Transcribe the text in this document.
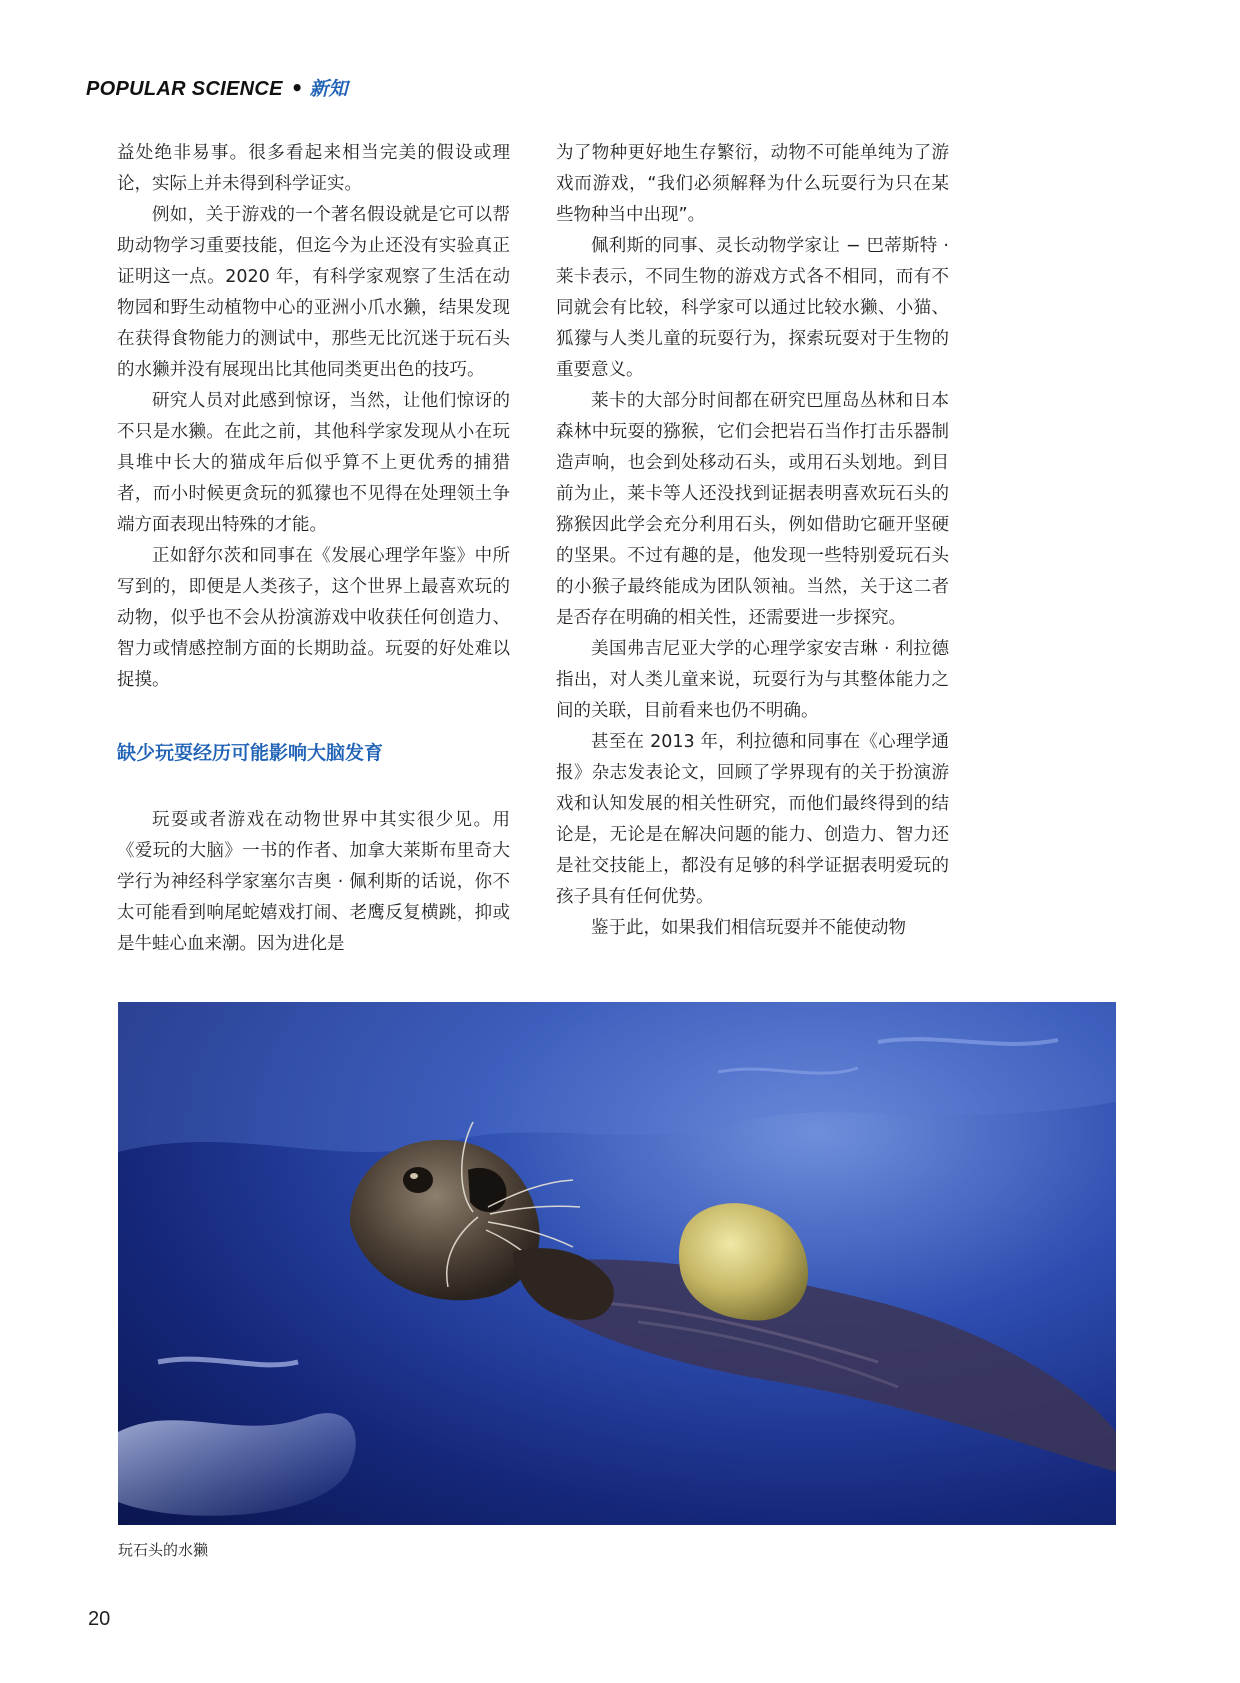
POPULAR SCIENCE • 新知

益处绝非易事。很多看起来相当完美的假设或理论，实际上并未得到科学证实。

例如，关于游戏的一个著名假设就是它可以帮助动物学习重要技能，但迄今为止还没有实验真正证明这一点。2020 年，有科学家观察了生活在动物园和野生动植物中心的亚洲小爪水獭，结果发现在获得食物能力的测试中，那些无比沉迷于玩石头的水獭并没有展现出比其他同类更出色的技巧。

研究人员对此感到惊讶，当然，让他们惊讶的不只是水獭。在此之前，其他科学家发现从小在玩具堆中长大的猫成年后似乎算不上更优秀的捕猎者，而小时候更贪玩的狐獴也不见得在处理领土争端方面表现出特殊的才能。

正如舒尔茨和同事在《发展心理学年鉴》中所写到的，即便是人类孩子，这个世界上最喜欢玩的动物，似乎也不会从扮演游戏中收获任何创造力、智力或情感控制方面的长期助益。玩耍的好处难以捉摸。

缺少玩耍经历可能影响大脑发育

玩耍或者游戏在动物世界中其实很少见。用《爱玩的大脑》一书的作者、加拿大莱斯布里奇大学行为神经科学家塞尔吉奥 · 佩利斯的话说，你不太可能看到响尾蛇嬉戏打闹、老鹰反复横跳，抑或是牛蛙心血来潮。因为进化是

为了物种更好地生存繁衍，动物不可能单纯为了游戏而游戏，“我们必须解释为什么玩耍行为只在某些物种当中出现”。

佩利斯的同事、灵长动物学家让 − 巴蒂斯特 · 莱卡表示，不同生物的游戏方式各不相同，而有不同就会有比较，科学家可以通过比较水獭、小猫、狐獴与人类儿童的玩耍行为，探索玩耍对于生物的重要意义。

莱卡的大部分时间都在研究巴厘岛丛林和日本森林中玩耍的猕猴，它们会把岩石当作打击乐器制造声响，也会到处移动石头，或用石头划地。到目前为止，莱卡等人还没找到证据表明喜欢玩石头的猕猴因此学会充分利用石头，例如借助它砸开坚硬的坚果。不过有趣的是，他发现一些特别爱玩石头的小猴子最终能成为团队领袖。当然，关于这二者是否存在明确的相关性，还需要进一步探究。

美国弗吉尼亚大学的心理学家安吉琳 · 利拉德指出，对人类儿童来说，玩耍行为与其整体能力之间的关联，目前看来也仍不明确。

甚至在 2013 年，利拉德和同事在《心理学通报》杂志发表论文，回顾了学界现有的关于扮演游戏和认知发展的相关性研究，而他们最终得到的结论是，无论是在解决问题的能力、创造力、智力还是社交技能上，都没有足够的科学证据表明爱玩的孩子具有任何优势。

鉴于此，如果我们相信玩耍并不能使动物

玩石头的水獭
20
